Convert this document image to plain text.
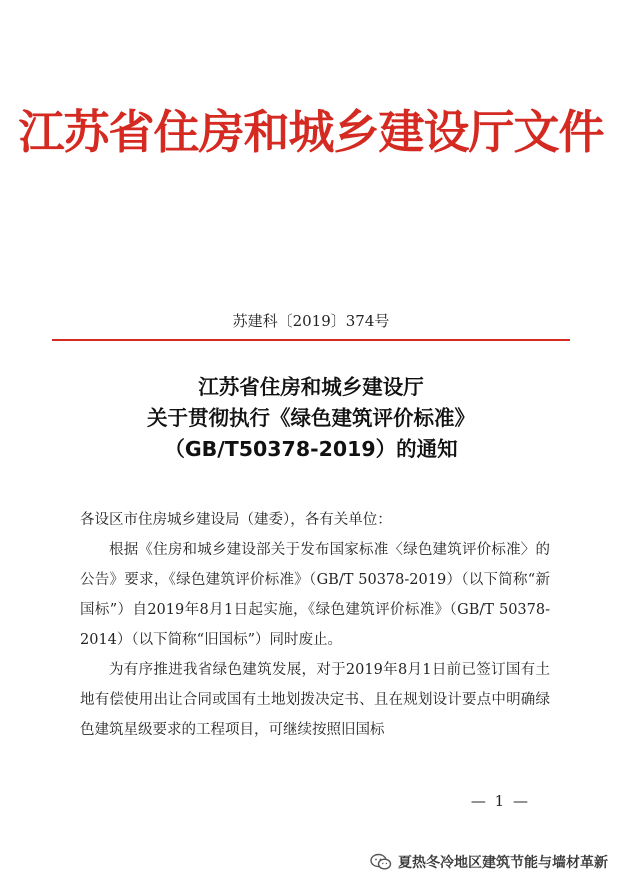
江苏省住房和城乡建设厅文件
苏建科〔2019〕374号
江苏省住房和城乡建设厅
关于贯彻执行《绿色建筑评价标准》
（GB/T50378-2019）的通知

各设区市住房城乡建设局（建委），各有关单位：

根据《住房和城乡建设部关于发布国家标准〈绿色建筑评价标准〉的公告》要求，《绿色建筑评价标准》（GB/T 50378-2019）（以下简称“新国标”）自2019年8月1日起实施，《绿色建筑评价标准》（GB/T 50378-2014）（以下简称“旧国标”）同时废止。

为有序推进我省绿色建筑发展，对于2019年8月1日前已签订国有土地有偿使用出让合同或国有土地划拨决定书、且在规划设计要点中明确绿色建筑星级要求的工程项目，可继续按照旧国标

— 1 —
夏热冬冷地区建筑节能与墙材革新
